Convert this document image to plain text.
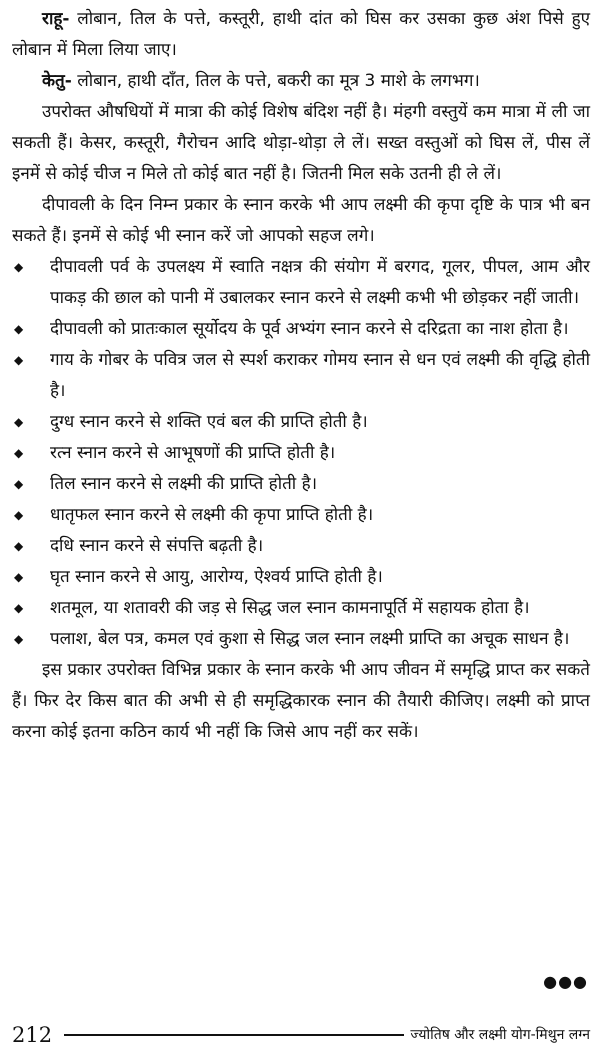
राहू- लोबान, तिल के पत्ते, कस्तूरी, हाथी दांत को घिस कर उसका कुछ अंश पिसे हुए लोबान में मिला लिया जाए।

केतु- लोबान, हाथी दाँत, तिल के पत्ते, बकरी का मूत्र 3 माशे के लगभग।

उपरोक्त औषधियों में मात्रा की कोई विशेष बंदिश नहीं है। मंहगी वस्तुयें कम मात्रा में ली जा सकती हैं। केसर, कस्तूरी, गैरोचन आदि थोड़ा-थोड़ा ले लें। सख्त वस्तुओं को घिस लें, पीस लें इनमें से कोई चीज न मिले तो कोई बात नहीं है। जितनी मिल सके उतनी ही ले लें।

दीपावली के दिन निम्न प्रकार के स्नान करके भी आप लक्ष्मी की कृपा दृष्टि के पात्र भी बन सकते हैं। इनमें से कोई भी स्नान करें जो आपको सहज लगे।

◆ दीपावली पर्व के उपलक्ष्य में स्वाति नक्षत्र की संयोग में बरगद, गूलर, पीपल, आम और पाकड़ की छाल को पानी में उबालकर स्नान करने से लक्ष्मी कभी भी छोड़कर नहीं जाती।
◆ दीपावली को प्रातःकाल सूर्योदय के पूर्व अभ्यंग स्नान करने से दरिद्रता का नाश होता है।
◆ गाय के गोबर के पवित्र जल से स्पर्श कराकर गोमय स्नान से धन एवं लक्ष्मी की वृद्धि होती है।
◆ दुग्ध स्नान करने से शक्ति एवं बल की प्राप्ति होती है।
◆ रत्न स्नान करने से आभूषणों की प्राप्ति होती है।
◆ तिल स्नान करने से लक्ष्मी की प्राप्ति होती है।
◆ धातृफल स्नान करने से लक्ष्मी की कृपा प्राप्ति होती है।
◆ दधि स्नान करने से संपत्ति बढ़ती है।
◆ घृत स्नान करने से आयु, आरोग्य, ऐश्वर्य प्राप्ति होती है।
◆ शतमूल, या शतावरी की जड़ से सिद्ध जल स्नान कामनापूर्ति में सहायक होता है।
◆ पलाश, बेल पत्र, कमल एवं कुशा से सिद्ध जल स्नान लक्ष्मी प्राप्ति का अचूक साधन है।

इस प्रकार उपरोक्त विभिन्न प्रकार के स्नान करके भी आप जीवन में समृद्धि प्राप्त कर सकते हैं। फिर देर किस बात की अभी से ही समृद्धिकारक स्नान की तैयारी कीजिए। लक्ष्मी को प्राप्त करना कोई इतना कठिन कार्य भी नहीं कि जिसे आप नहीं कर सकें।

●●●
212	ज्योतिष और लक्ष्मी योग-मिथुन लग्न
